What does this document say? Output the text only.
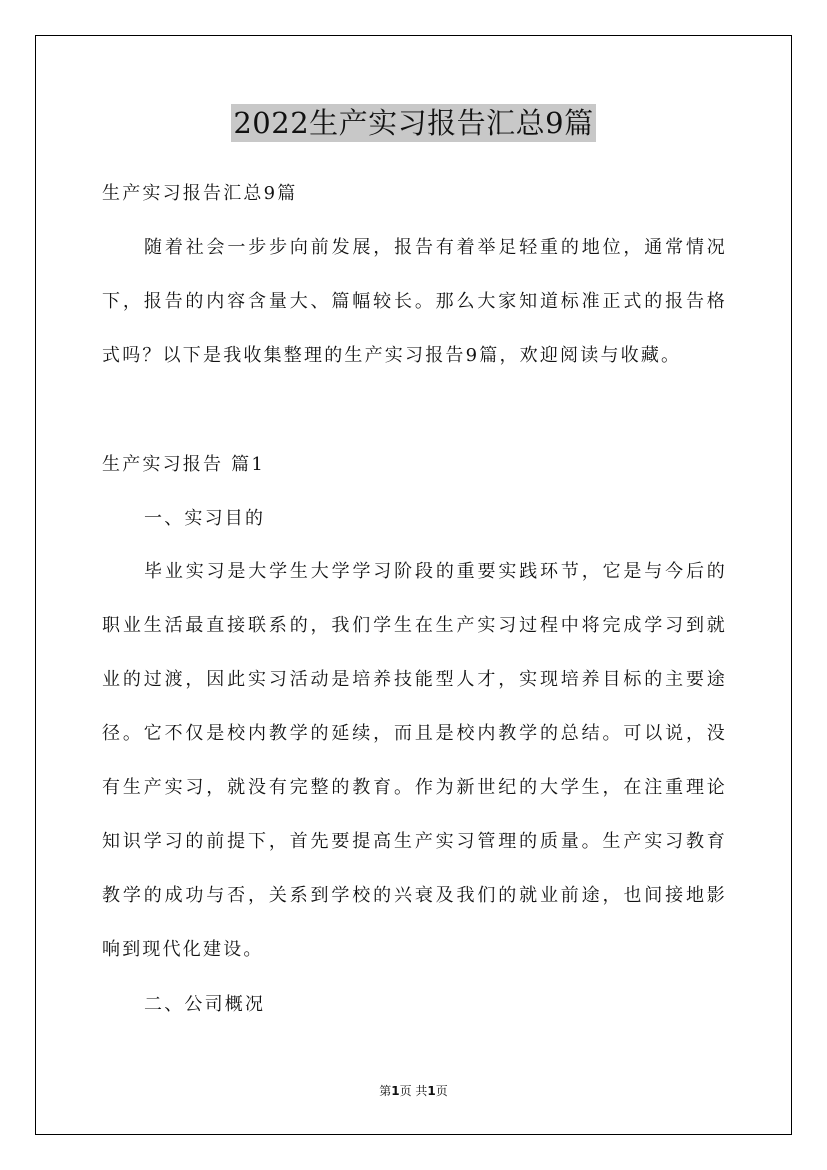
2022生产实习报告汇总9篇

生产实习报告汇总9篇

随着社会一步步向前发展，报告有着举足轻重的地位，通常情况下，报告的内容含量大、篇幅较长。那么大家知道标准正式的报告格式吗？以下是我收集整理的生产实习报告9篇，欢迎阅读与收藏。

生产实习报告 篇1

一、实习目的

毕业实习是大学生大学学习阶段的重要实践环节，它是与今后的职业生活最直接联系的，我们学生在生产实习过程中将完成学习到就业的过渡，因此实习活动是培养技能型人才，实现培养目标的主要途径。它不仅是校内教学的延续，而且是校内教学的总结。可以说，没有生产实习，就没有完整的教育。作为新世纪的大学生，在注重理论知识学习的前提下，首先要提高生产实习管理的质量。生产实习教育教学的成功与否，关系到学校的兴衰及我们的就业前途，也间接地影响到现代化建设。

二、公司概况

第1页 共1页
